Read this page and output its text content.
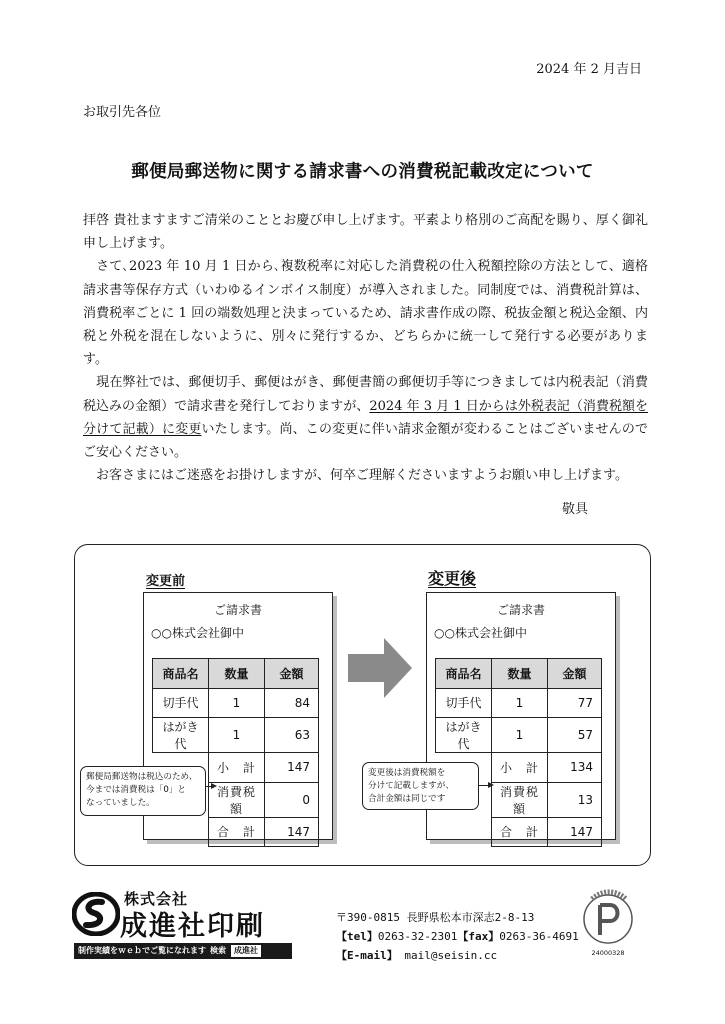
2024 年 2 月吉日
お取引先各位
郵便局郵送物に関する請求書への消費税記載改定について

拝啓 貴社ますますご清栄のこととお慶び申し上げます。平素より格別のご高配を賜り、厚く御礼申し上げます。

　さて､2023 年 10 月 1 日から､複数税率に対応した消費税の仕入税額控除の方法として、適格請求書等保存方式（いわゆるインボイス制度）が導入されました。同制度では、消費税計算は、消費税率ごとに 1 回の端数処理と決まっているため、請求書作成の際、税抜金額と税込金額、内税と外税を混在しないように、別々に発行するか、どちらかに統一して発行する必要があります。

　現在弊社では、郵便切手、郵便はがき、郵便書簡の郵便切手等につきましては内税表記（消費税込みの金額）で請求書を発行しておりますが、2024 年 3 月 1 日からは外税表記（消費税額を分けて記載）に変更いたします。尚、この変更に伴い請求金額が変わることはございませんのでご安心ください。

　お客さまにはご迷惑をお掛けしますが、何卒ご理解くださいますようお願い申し上げます。

敬具
変更前	変更後
ご請求書
○○株式会社御中
商品名	数量	金額
切手代	1	84
はがき代	1	63
	小　計	147
	消費税額	0
	合　計	147
ご請求書
○○株式会社御中
商品名	数量	金額
切手代	1	77
はがき代	1	57
	小　計	134
	消費税額	13
	合　計	147
郵便局郵送物は税込のため、
今までは消費税は「0」と
なっていました。
変更後は消費税額を
分けて記載しますが、
合計金額は同じです
株式会社
成進社印刷
制作実績をｗｅｂでご覧になれます 検索 成進社
〒390-0815 長野県松本市深志2-8-13
【tel】0263-32-2301【fax】0263-36-4691
【E-mail】 mail@seisin.cc	24000328
